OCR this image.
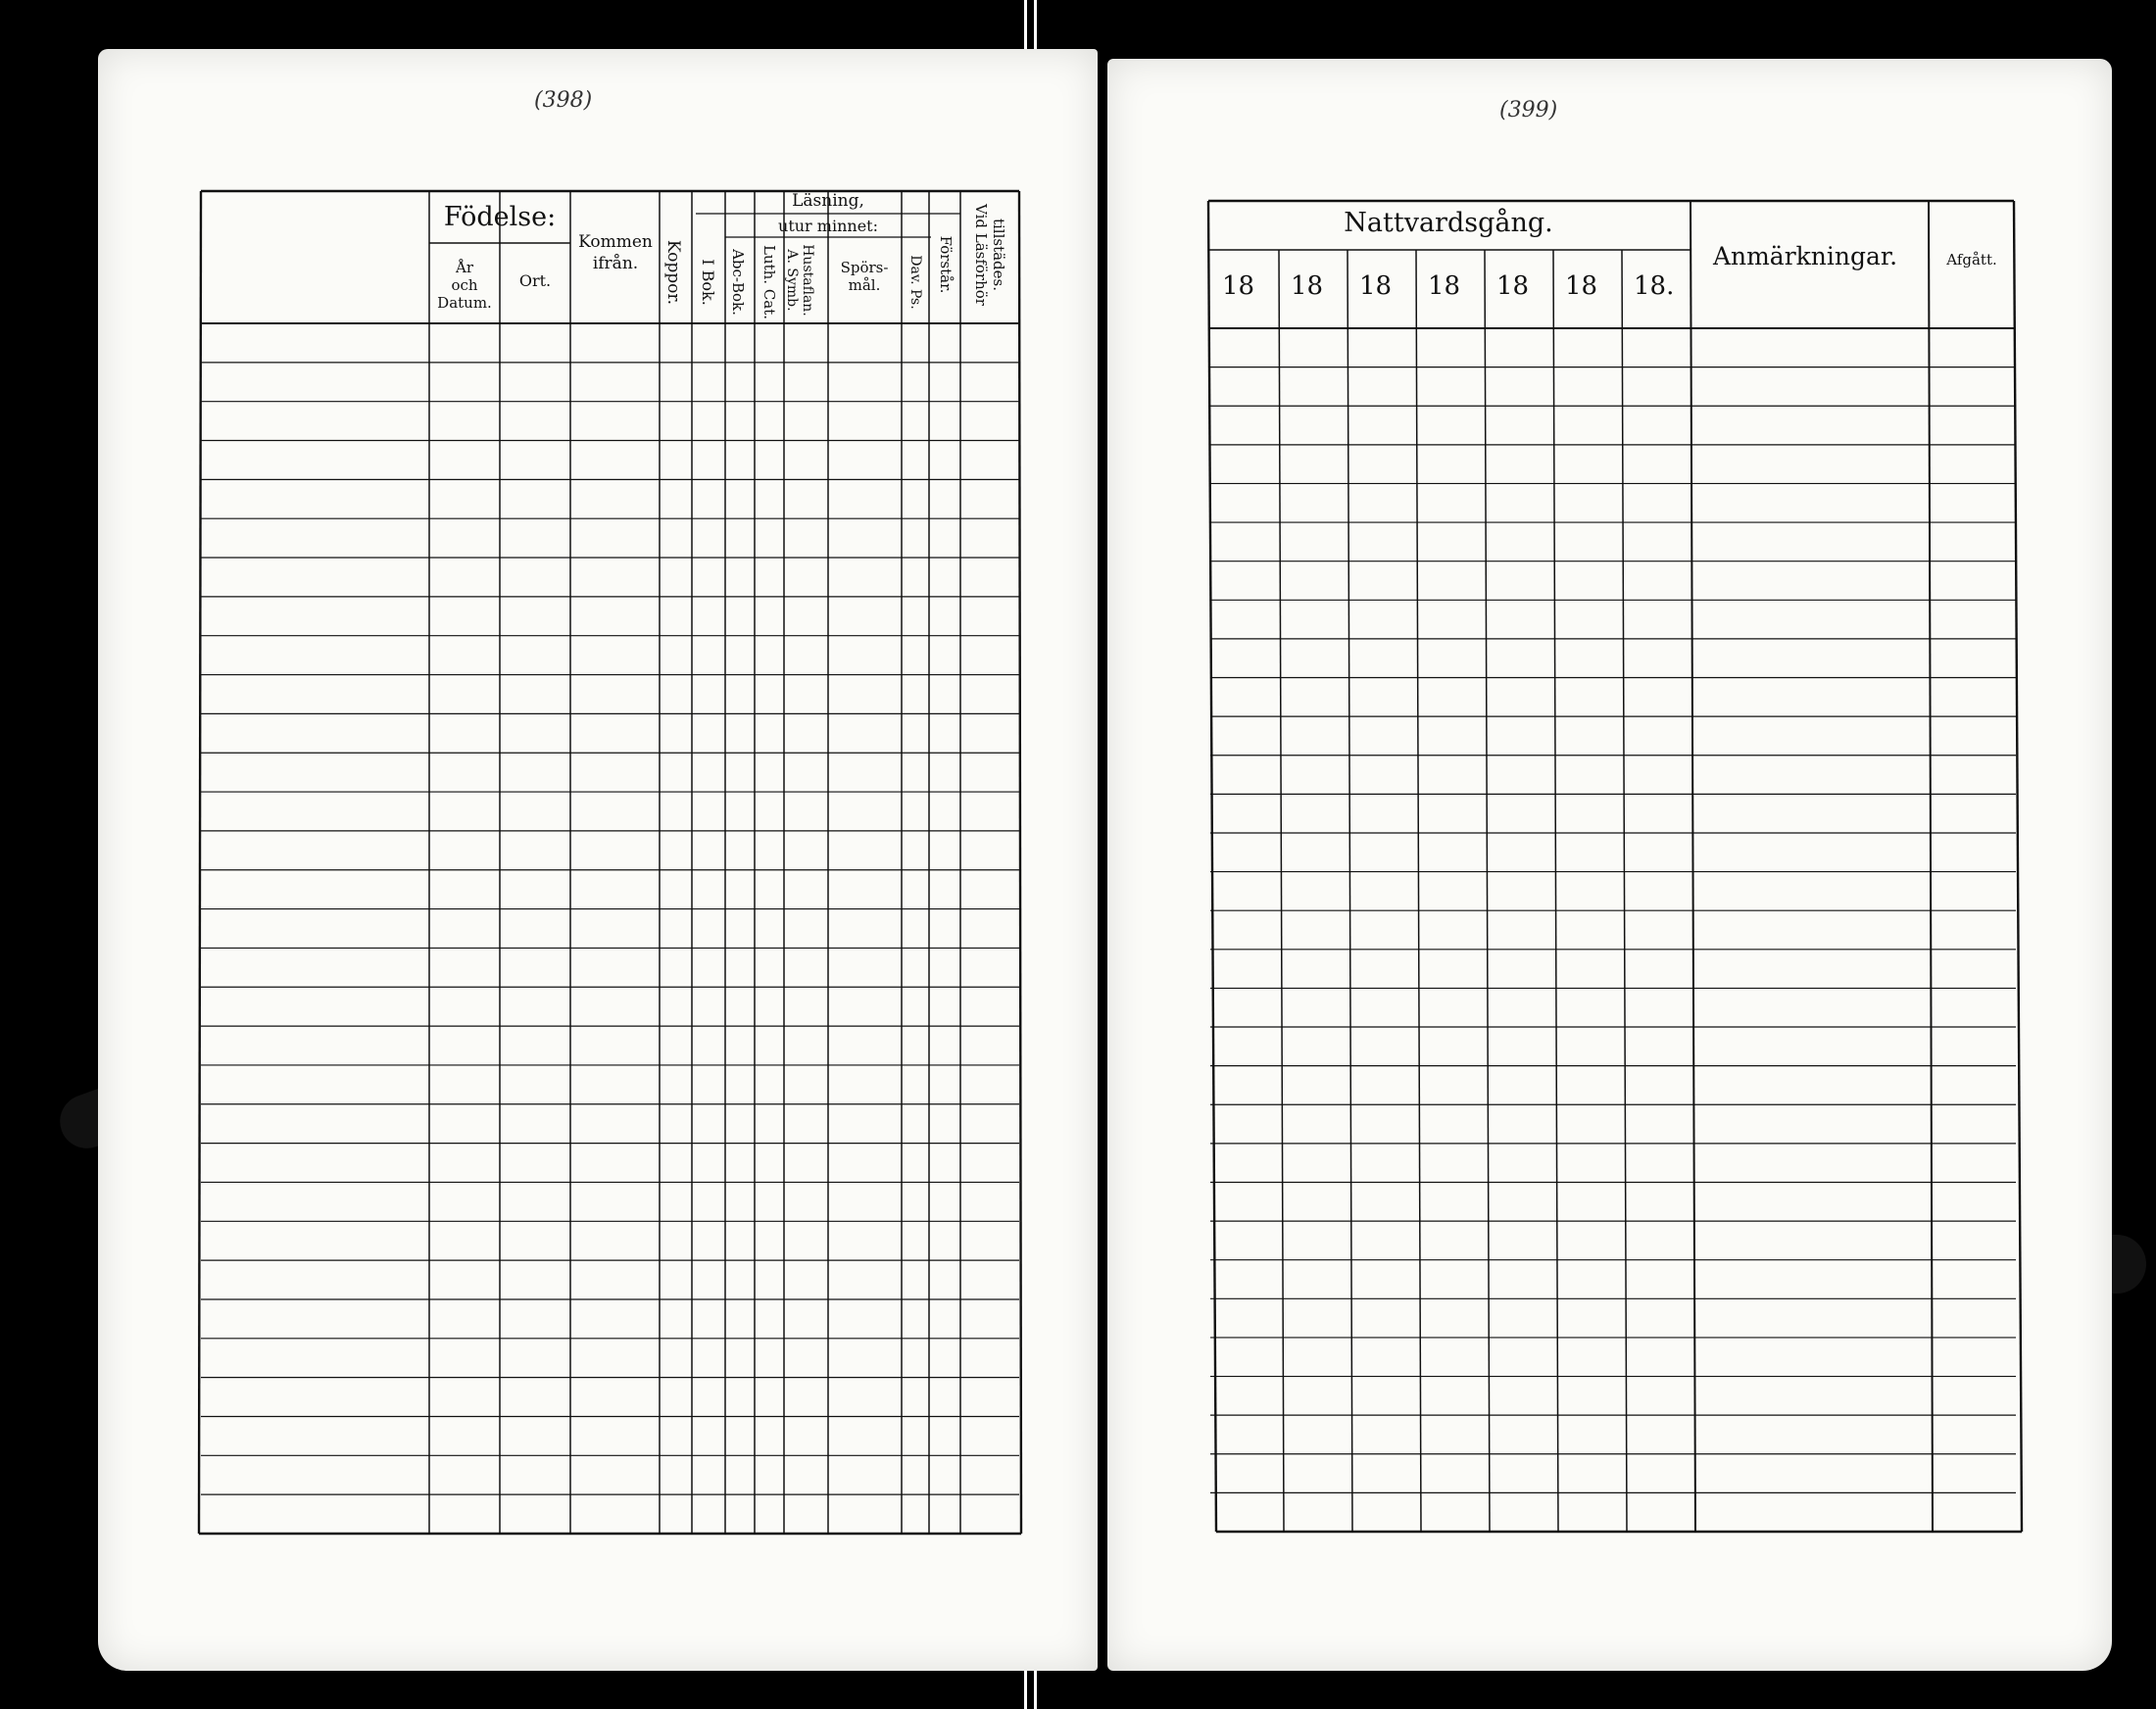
(398)
Födelse:
År
och
Datum.
Ort.
Kommen
ifrån. Koppor.
Läsning,
utur minnet:
I Bok. Abc-Bok. Luth. Cat. A. Symb. Hustaflan. Spörs-
mål. Dav. Ps. Förstår. Vid Läsförhör tillstädes.
(399)
Nattvardsgång.
18 18 18 18 18 18 18.
Anmärkningar.	Afgått.
